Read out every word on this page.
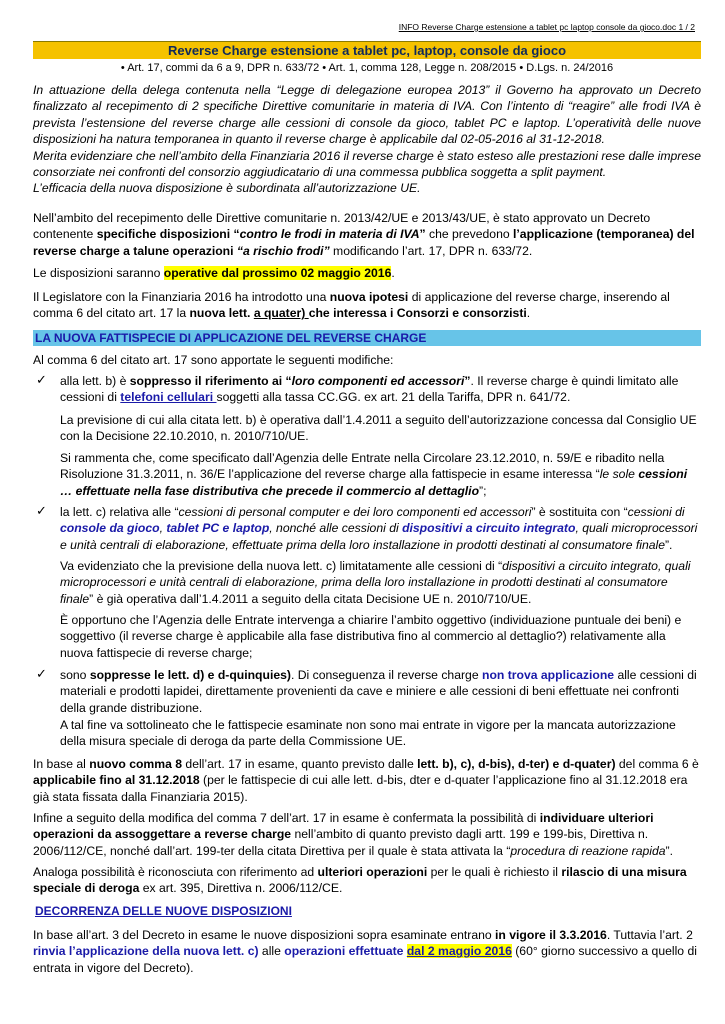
INFO Reverse Charge estensione a tablet pc laptop console da gioco.doc 1 / 2
Reverse Charge estensione a tablet pc, laptop, console da gioco
• Art. 17, commi da 6 a 9, DPR n. 633/72 • Art. 1, comma 128, Legge n. 208/2015 • D.Lgs. n. 24/2016

In attuazione della delega contenuta nella “Legge di delegazione europea 2013” il Governo ha approvato un Decreto finalizzato al recepimento di 2 specifiche Direttive comunitarie in materia di IVA. Con l’intento di “reagire” alle frodi IVA è prevista l’estensione del reverse charge alle cessioni di console da gioco, tablet PC e laptop. L’operatività delle nuove disposizioni ha natura temporanea in quanto il reverse charge è applicabile dal 02-05-2016 al 31-12-2018.

Merita evidenziare che nell’ambito della Finanziaria 2016 il reverse charge è stato esteso alle prestazioni rese dalle imprese consorziate nei confronti del consorzio aggiudicatario di una commessa pubblica soggetta a split payment.

L’efficacia della nuova disposizione è subordinata all’autorizzazione UE.

Nell’ambito del recepimento delle Direttive comunitarie n. 2013/42/UE e 2013/43/UE, è stato approvato un Decreto contenente specifiche disposizioni “contro le frodi in materia di IVA” che prevedono l’applicazione (temporanea) del reverse charge a talune operazioni “a rischio frodi” modificando l’art. 17, DPR n. 633/72.
Le disposizioni saranno operative dal prossimo 02 maggio 2016.
Il Legislatore con la Finanziaria 2016 ha introdotto una nuova ipotesi di applicazione del reverse charge, inserendo al comma 6 del citato art. 17 la nuova lett. a quater) che interessa i Consorzi e consorzisti.
LA NUOVA FATTISPECIE DI APPLICAZIONE DEL REVERSE CHARGE
Al comma 6 del citato art. 17 sono apportate le seguenti modifiche:
✓ alla lett. b) è soppresso il riferimento ai “loro componenti ed accessori”. Il reverse charge è quindi limitato alle cessioni di telefoni cellulari soggetti alla tassa CC.GG. ex art. 21 della Tariffa, DPR n. 641/72.
La previsione di cui alla citata lett. b) è operativa dall’1.4.2011 a seguito dell’autorizzazione concessa dal Consiglio UE con la Decisione 22.10.2010, n. 2010/710/UE.
Si rammenta che, come specificato dall’Agenzia delle Entrate nella Circolare 23.12.2010, n. 59/E e ribadito nella Risoluzione 31.3.2011, n. 36/E l’applicazione del reverse charge alla fattispecie in esame interessa “le sole cessioni … effettuate nella fase distributiva che precede il commercio al dettaglio”;
✓ la lett. c) relativa alle “cessioni di personal computer e dei loro componenti ed accessori” è sostituita con “cessioni di console da gioco, tablet PC e laptop, nonché alle cessioni di dispositivi a circuito integrato, quali microprocessori e unità centrali di elaborazione, effettuate prima della loro installazione in prodotti destinati al consumatore finale”.
Va evidenziato che la previsione della nuova lett. c) limitatamente alle cessioni di “dispositivi a circuito integrato, quali microprocessori e unità centrali di elaborazione, prima della loro installazione in prodotti destinati al consumatore finale” è già operativa dall’1.4.2011 a seguito della citata Decisione UE n. 2010/710/UE.
È opportuno che l’Agenzia delle Entrate intervenga a chiarire l’ambito oggettivo (individuazione puntuale dei beni) e soggettivo (il reverse charge è applicabile alla fase distributiva fino al commercio al dettaglio?) relativamente alla nuova fattispecie di reverse charge;
✓ sono soppresse le lett. d) e d-quinquies). Di conseguenza il reverse charge non trova applicazione alle cessioni di materiali e prodotti lapidei, direttamente provenienti da cave e miniere e alle cessioni di beni effettuate nei confronti della grande distribuzione.
A tal fine va sottolineato che le fattispecie esaminate non sono mai entrate in vigore per la mancata autorizzazione della misura speciale di deroga da parte della Commissione UE.
In base al nuovo comma 8 dell’art. 17 in esame, quanto previsto dalle lett. b), c), d-bis), d-ter) e d-quater) del comma 6 è applicabile fino al 31.12.2018 (per le fattispecie di cui alle lett. d-bis, dter e d-quater l’applicazione fino al 31.12.2018 era già stata fissata dalla Finanziaria 2015).
Infine a seguito della modifica del comma 7 dell’art. 17 in esame è confermata la possibilità di individuare ulteriori operazioni da assoggettare a reverse charge nell’ambito di quanto previsto dagli artt. 199 e 199-bis, Direttiva n. 2006/112/CE, nonché dall’art. 199-ter della citata Direttiva per il quale è stata attivata la “procedura di reazione rapida”.
Analoga possibilità è riconosciuta con riferimento ad ulteriori operazioni per le quali è richiesto il rilascio di una misura speciale di deroga ex art. 395, Direttiva n. 2006/112/CE.
DECORRENZA DELLE NUOVE DISPOSIZIONI
In base all’art. 3 del Decreto in esame le nuove disposizioni sopra esaminate entrano in vigore il 3.3.2016. Tuttavia l’art. 2 rinvia l’applicazione della nuova lett. c) alle operazioni effettuate dal 2 maggio 2016 (60° giorno successivo a quello di entrata in vigore del Decreto).
